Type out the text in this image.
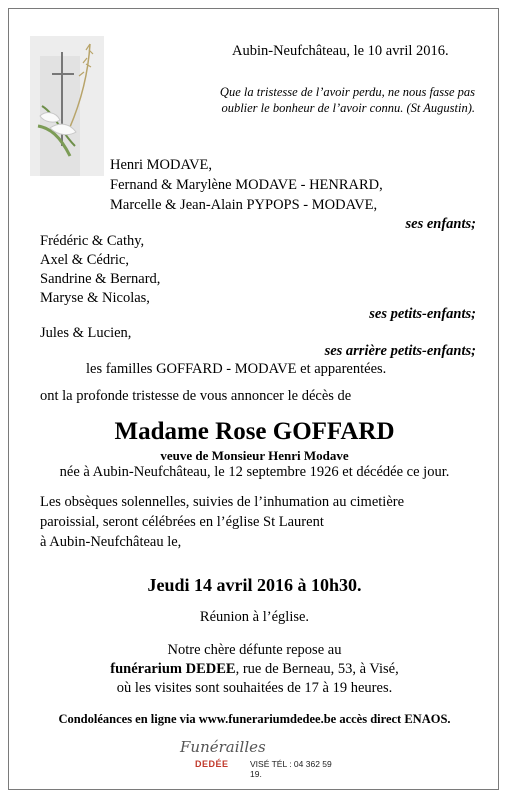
Aubin-Neufchâteau, le 10 avril 2016.
Que la tristesse de l’avoir perdu, ne nous fasse pas
oublier le bonheur de l’avoir connu. (St Augustin).
Henri MODAVE,
Fernand & Marylène MODAVE - HENRARD,
Marcelle & Jean-Alain PYPOPS - MODAVE,
ses enfants;
Frédéric & Cathy,
Axel & Cédric,
Sandrine & Bernard,
Maryse & Nicolas,
ses petits-enfants;
Jules & Lucien,
ses arrière petits-enfants;
les familles GOFFARD - MODAVE et apparentées.
ont la profonde tristesse de vous annoncer le décès de
Madame Rose GOFFARD
veuve de Monsieur Henri Modave
née à Aubin-Neufchâteau, le 12 septembre 1926 et décédée ce jour.
Les obsèques solennelles, suivies de l’inhumation au cimetière
paroissial, seront célébrées en l’église St Laurent
à Aubin-Neufchâteau le,
Jeudi 14 avril 2016 à 10h30.
Réunion à l’église.
Notre chère défunte repose au
funérarium DEDEE, rue de Berneau, 53, à Visé,
où les visites sont souhaitées de 17 à 19 heures.
Condoléances en ligne via www.funerariumdedee.be accès direct ENAOS.
Funérailles
DEDÉE	VISÉ TÉL : 04 362 59 19.
